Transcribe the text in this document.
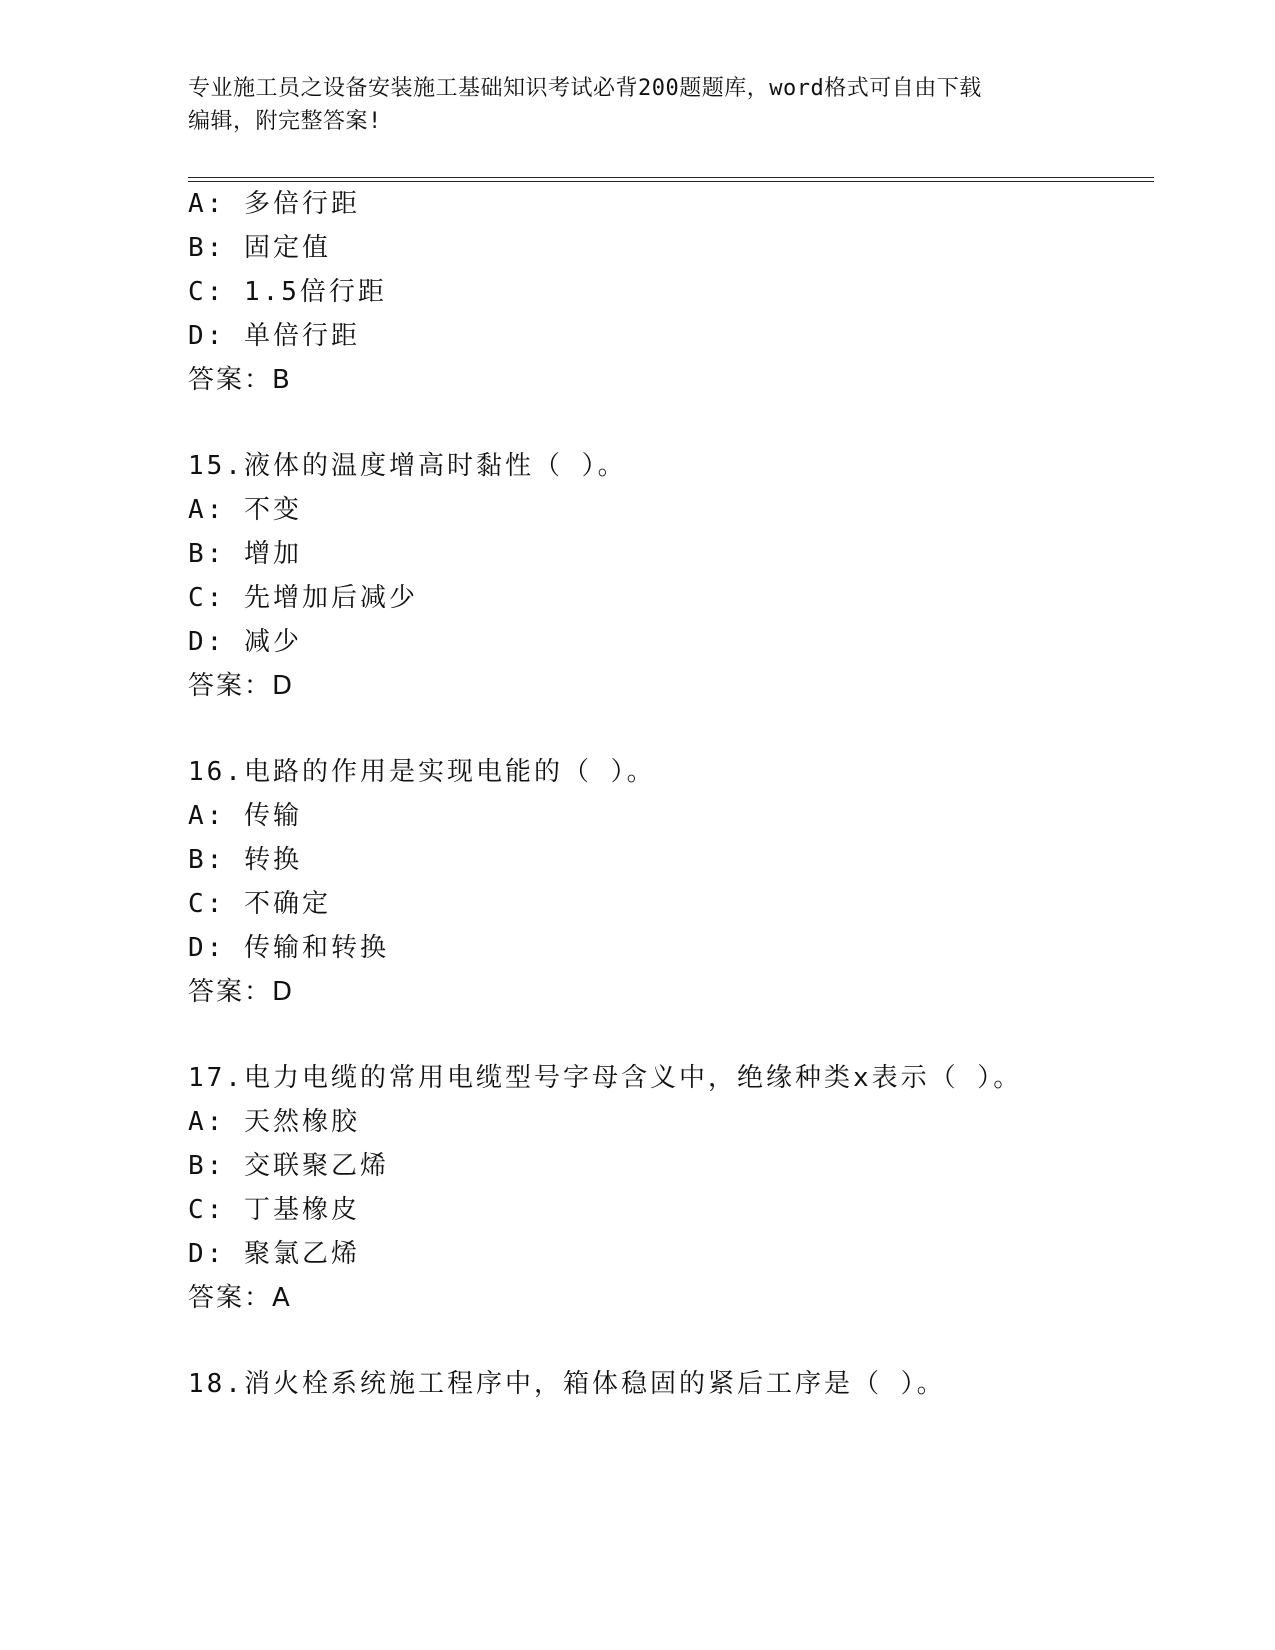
专业施工员之设备安装施工基础知识考试必背200题题库，word格式可自由下载
编辑，附完整答案!
A: 多倍行距
B: 固定值
C: 1.5倍行距
D: 单倍行距
答案：B
15.液体的温度增高时黏性（ ）。
A: 不变
B: 增加
C: 先增加后减少
D: 减少
答案：D
16.电路的作用是实现电能的（ ）。
A: 传输
B: 转换
C: 不确定
D: 传输和转换
答案：D
17.电力电缆的常用电缆型号字母含义中，绝缘种类x表示（ ）。
A: 天然橡胶
B: 交联聚乙烯
C: 丁基橡皮
D: 聚氯乙烯
答案：A
18.消火栓系统施工程序中，箱体稳固的紧后工序是（ ）。
